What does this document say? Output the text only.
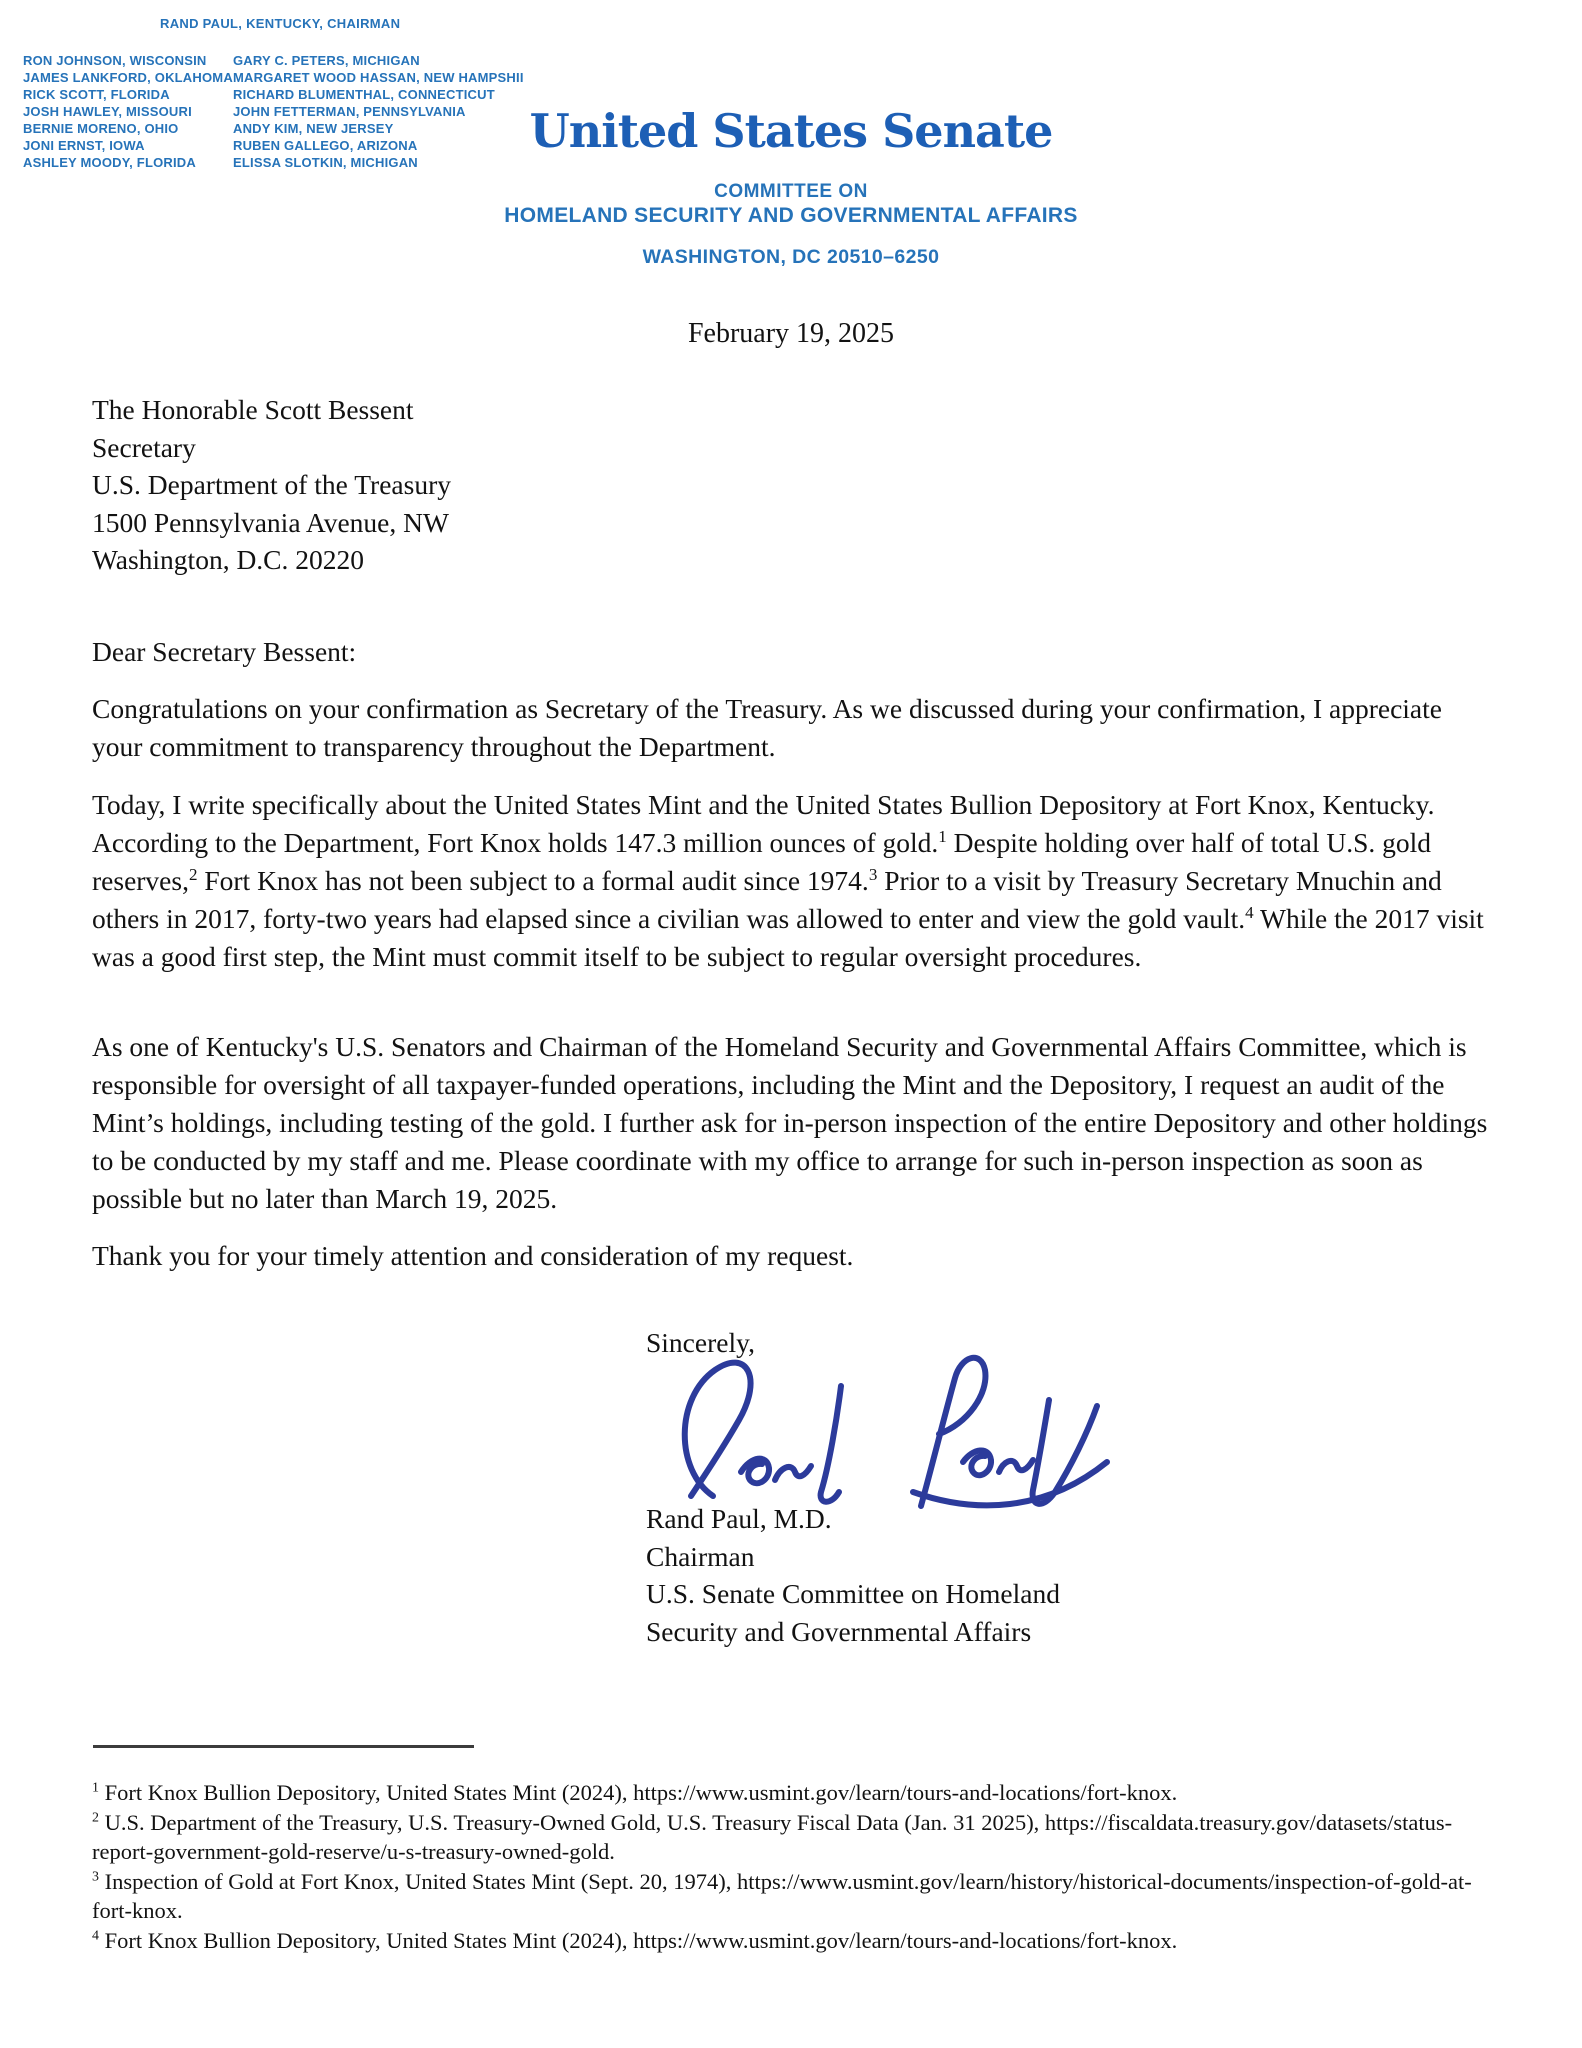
RAND PAUL, KENTUCKY, CHAIRMAN
RON JOHNSON, WISCONSIN
JAMES LANKFORD, OKLAHOMA
RICK SCOTT, FLORIDA
JOSH HAWLEY, MISSOURI
BERNIE MORENO, OHIO
JONI ERNST, IOWA
ASHLEY MOODY, FLORIDA
GARY C. PETERS, MICHIGAN
MARGARET WOOD HASSAN, NEW HAMPSHII
RICHARD BLUMENTHAL, CONNECTICUT
JOHN FETTERMAN, PENNSYLVANIA
ANDY KIM, NEW JERSEY
RUBEN GALLEGO, ARIZONA
ELISSA SLOTKIN, MICHIGAN
United States Senate
COMMITTEE ON
HOMELAND SECURITY AND GOVERNMENTAL AFFAIRS
WASHINGTON, DC 20510–6250
February 19, 2025
The Honorable Scott Bessent
Secretary
U.S. Department of the Treasury
1500 Pennsylvania Avenue, NW
Washington, D.C. 20220
Dear Secretary Bessent:
Congratulations on your confirmation as Secretary of the Treasury. As we discussed during your confirmation, I appreciate your commitment to transparency throughout the Department.
Today, I write specifically about the United States Mint and the United States Bullion Depository at Fort Knox, Kentucky. According to the Department, Fort Knox holds 147.3 million ounces of gold.$^1$ Despite holding over half of total U.S. gold reserves,$^2$ Fort Knox has not been subject to a formal audit since 1974.$^3$ Prior to a visit by Treasury Secretary Mnuchin and others in 2017, forty-two years had elapsed since a civilian was allowed to enter and view the gold vault.$^4$ While the 2017 visit was a good first step, the Mint must commit itself to be subject to regular oversight procedures.
As one of Kentucky's U.S. Senators and Chairman of the Homeland Security and Governmental Affairs Committee, which is responsible for oversight of all taxpayer-funded operations, including the Mint and the Depository, I request an audit of the Mint’s holdings, including testing of the gold. I further ask for in-person inspection of the entire Depository and other holdings to be conducted by my staff and me. Please coordinate with my office to arrange for such in-person inspection as soon as possible but no later than March 19, 2025.
Thank you for your timely attention and consideration of my request.
Sincerely,
Rand Paul, M.D.
Chairman
U.S. Senate Committee on Homeland
Security and Governmental Affairs

$^1$ Fort Knox Bullion Depository, United States Mint (2024), https://www.usmint.gov/learn/tours-and-locations/fort-knox.

$^2$ U.S. Department of the Treasury, U.S. Treasury-Owned Gold, U.S. Treasury Fiscal Data (Jan. 31 2025), https://fiscaldata.treasury.gov/datasets/status-report-government-gold-reserve/u-s-treasury-owned-gold.

$^3$ Inspection of Gold at Fort Knox, United States Mint (Sept. 20, 1974), https://www.usmint.gov/learn/history/historical-documents/inspection-of-gold-at-fort-knox.

$^4$ Fort Knox Bullion Depository, United States Mint (2024), https://www.usmint.gov/learn/tours-and-locations/fort-knox.
